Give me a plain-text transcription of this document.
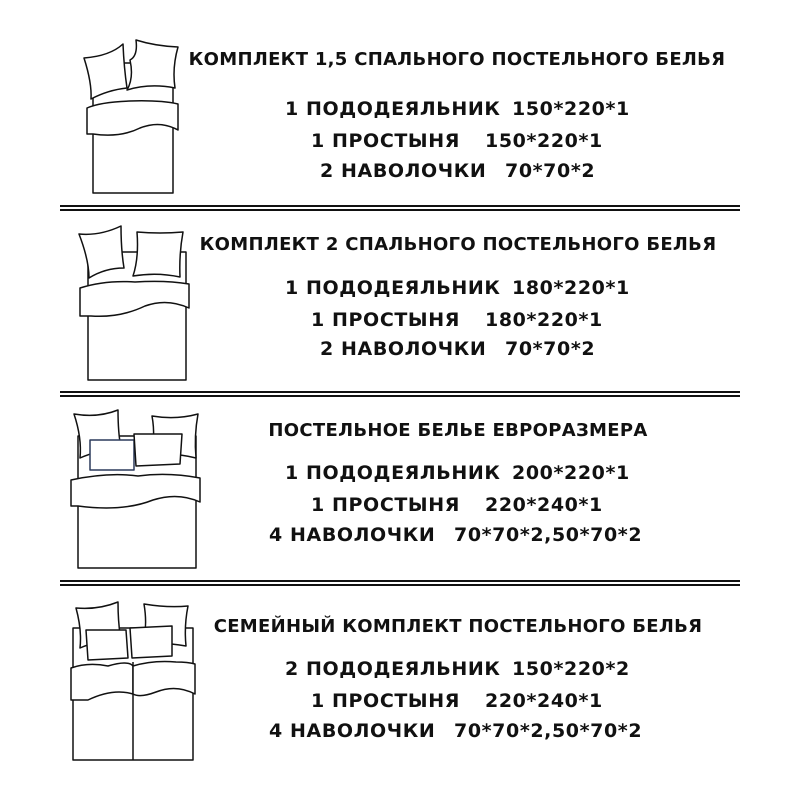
КОМПЛЕКТ 1,5 СПАЛЬНОГО ПОСТЕЛЬНОГО БЕЛЬЯ
1 ПОДОДЕЯЛЬНИК 150*220*1
1 ПРОСТЫНЯ 150*220*1
2 НАВОЛОЧКИ 70*70*2
КОМПЛЕКТ 2 СПАЛЬНОГО ПОСТЕЛЬНОГО БЕЛЬЯ
1 ПОДОДЕЯЛЬНИК 180*220*1
1 ПРОСТЫНЯ 180*220*1
2 НАВОЛОЧКИ 70*70*2
ПОСТЕЛЬНОЕ БЕЛЬЕ ЕВРОРАЗМЕРА
1 ПОДОДЕЯЛЬНИК 200*220*1
1 ПРОСТЫНЯ 220*240*1
4 НАВОЛОЧКИ 70*70*2,50*70*2
СЕМЕЙНЫЙ КОМПЛЕКТ ПОСТЕЛЬНОГО БЕЛЬЯ
2 ПОДОДЕЯЛЬНИК 150*220*2
1 ПРОСТЫНЯ 220*240*1
4 НАВОЛОЧКИ 70*70*2,50*70*2
